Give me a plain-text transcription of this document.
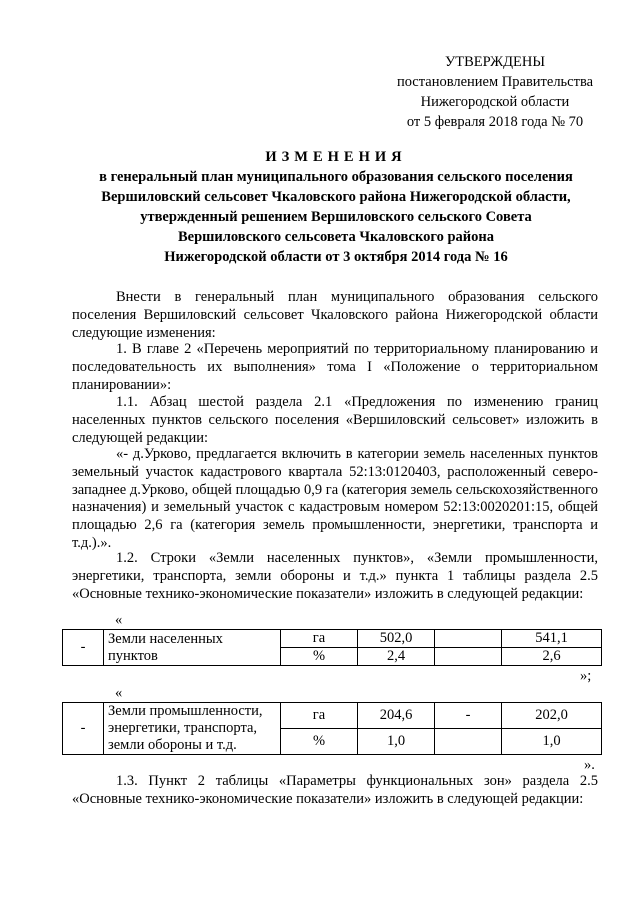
УТВЕРЖДЕНЫ
постановлением Правительства
Нижегородской области
от 5 февраля 2018 года № 70
ИЗМЕНЕНИЯ
в генеральный план муниципального образования сельского поселения
Вершиловский сельсовет Чкаловского района Нижегородской области,
утвержденный решением Вершиловского сельского Совета
Вершиловского сельсовета Чкаловского района
Нижегородской области от 3 октября 2014 года № 16
Внести в генеральный план муниципального образования сельского поселения Вершиловский сельсовет Чкаловского района Нижегородской области следующие изменения:
1. В главе 2 «Перечень мероприятий по территориальному планированию и последовательность их выполнения» тома I «Положение о территориальном планировании»:
1.1. Абзац шестой раздела 2.1 «Предложения по изменению границ населенных пунктов сельского поселения «Вершиловский сельсовет» изложить в следующей редакции:
«- д.Урково, предлагается включить в категории земель населенных пунктов земельный участок кадастрового квартала 52:13:0120403, расположенный северо-западнее д.Урково, общей площадью 0,9 га (категория земель сельскохозяйственного назначения) и земельный участок с кадастровым номером 52:13:0020201:15, общей площадью 2,6 га (категория земель промышленности, энергетики, транспорта и т.д.).».
1.2. Строки «Земли населенных пунктов», «Земли промышленности, энергетики, транспорта, земли обороны и т.д.» пункта 1 таблицы раздела 2.5 «Основные технико-экономические показатели» изложить в следующей редакции:
«
-	Земли населенных пунктов	га	502,0		541,1
		%	2,4		2,6
»;
«
-	Земли промышленности, энергетики, транспорта, земли обороны и т.д.	га	204,6	-	202,0
		%	1,0		1,0
».
1.3. Пункт 2 таблицы «Параметры функциональных зон» раздела 2.5 «Основные технико-экономические показатели» изложить в следующей редакции:
